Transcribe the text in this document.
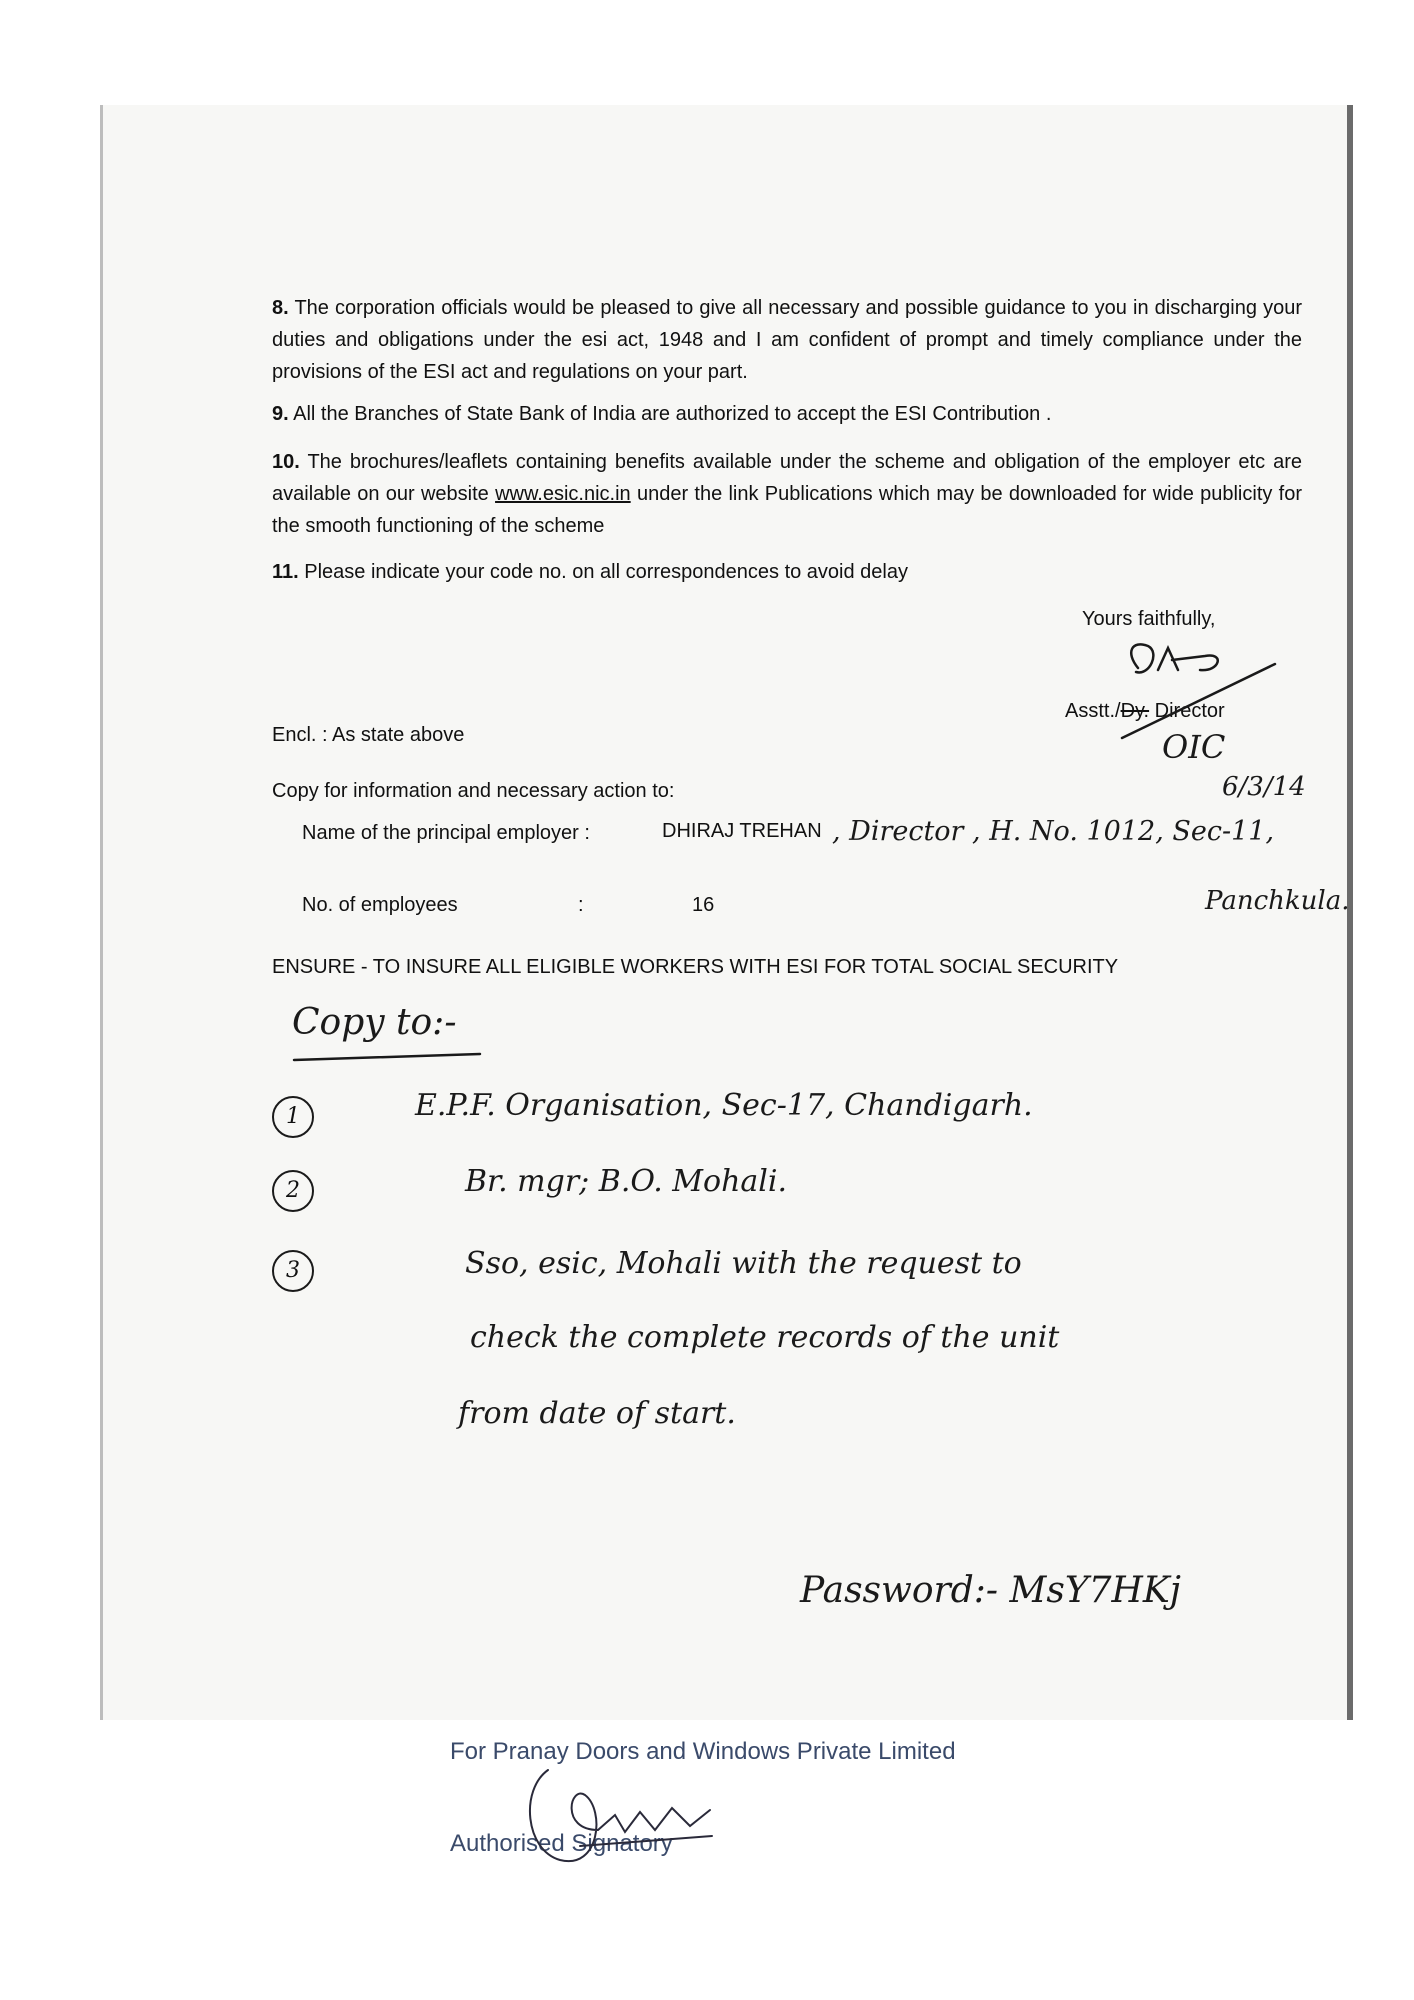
8. The corporation officials would be pleased to give all necessary and possible guidance to you in discharging your duties and obligations under the esi act, 1948 and I am confident of prompt and timely compliance under the provisions of the ESI act and regulations on your part.
9. All the Branches of State Bank of India are authorized to accept the ESI Contribution .
10. The brochures/leaflets containing benefits available under the scheme and obligation of the employer etc are available on our website www.esic.nic.in under the link Publications which may be downloaded for wide publicity for the smooth functioning of the scheme
11. Please indicate your code no. on all correspondences to avoid delay
Yours faithfully,
Asstt./Dy. Director
OIC
6/3/14
Encl. : As state above
Copy for information and necessary action to:
Name of the principal employer :	DHIRAJ TREHAN , Director , H. No. 1012, Sec-11,
Panchkula.
No. of employees	:	16
ENSURE - TO INSURE ALL ELIGIBLE WORKERS WITH ESI FOR TOTAL SOCIAL SECURITY
Copy to:-
1	E.P.F. Organisation, Sec-17, Chandigarh.
2	Br. mgr; B.O. Mohali.
3	Sso, esic, Mohali with the request to
check the complete records of the unit
from date of start.
Password:- MsY7HKj
For Pranay Doors and Windows Private Limited
Authorised Signatory
